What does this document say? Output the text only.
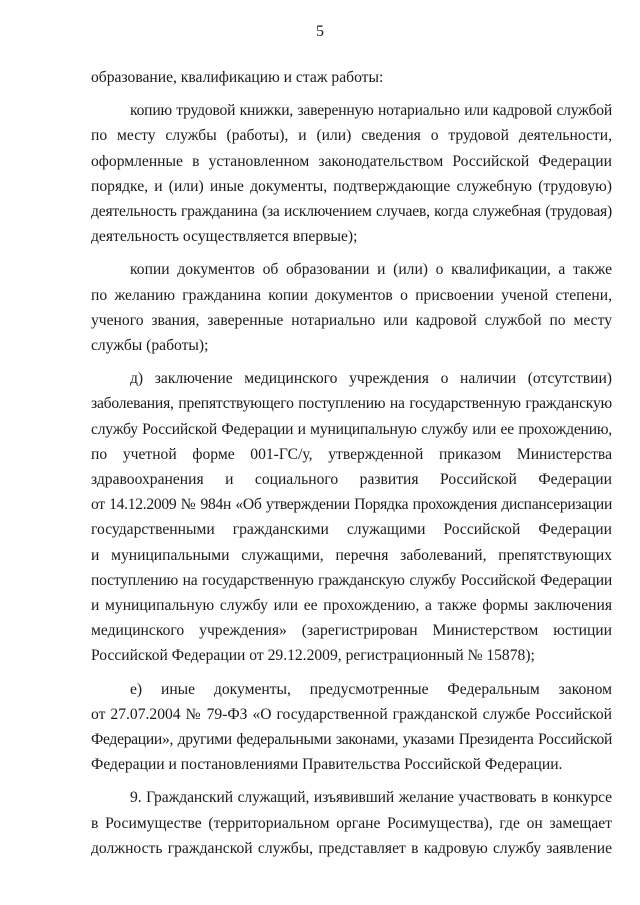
5

образование, квалификацию и стаж работы:

копию трудовой книжки, заверенную нотариально или кадровой службой
по месту службы (работы), и (или) сведения о трудовой деятельности,
оформленные в установленном законодательством Российской Федерации
порядке, и (или) иные документы, подтверждающие служебную (трудовую)
деятельность гражданина (за исключением случаев, когда служебная (трудовая)
деятельность осуществляется впервые);

копии документов об образовании и (или) о квалификации, а также
по желанию гражданина копии документов о присвоении ученой степени,
ученого звания, заверенные нотариально или кадровой службой по месту
службы (работы);

д) заключение медицинского учреждения о наличии (отсутствии)
заболевания, препятствующего поступлению на государственную гражданскую
службу Российской Федерации и муниципальную службу или ее прохождению,
по учетной форме 001-ГС/у, утвержденной приказом Министерства
здравоохранения и социального развития Российской Федерации
от 14.12.2009 № 984н «Об утверждении Порядка прохождения диспансеризации
государственными гражданскими служащими Российской Федерации
и муниципальными служащими, перечня заболеваний, препятствующих
поступлению на государственную гражданскую службу Российской Федерации
и муниципальную службу или ее прохождению, а также формы заключения
медицинского учреждения» (зарегистрирован Министерством юстиции
Российской Федерации от 29.12.2009, регистрационный № 15878);

е) иные документы, предусмотренные Федеральным законом
от 27.07.2004 № 79-ФЗ «О государственной гражданской службе Российской
Федерации», другими федеральными законами, указами Президента Российской
Федерации и постановлениями Правительства Российской Федерации.

9. Гражданский служащий, изъявивший желание участвовать в конкурсе
в Росимуществе (территориальном органе Росимущества), где он замещает
должность гражданской службы, представляет в кадровую службу заявление
